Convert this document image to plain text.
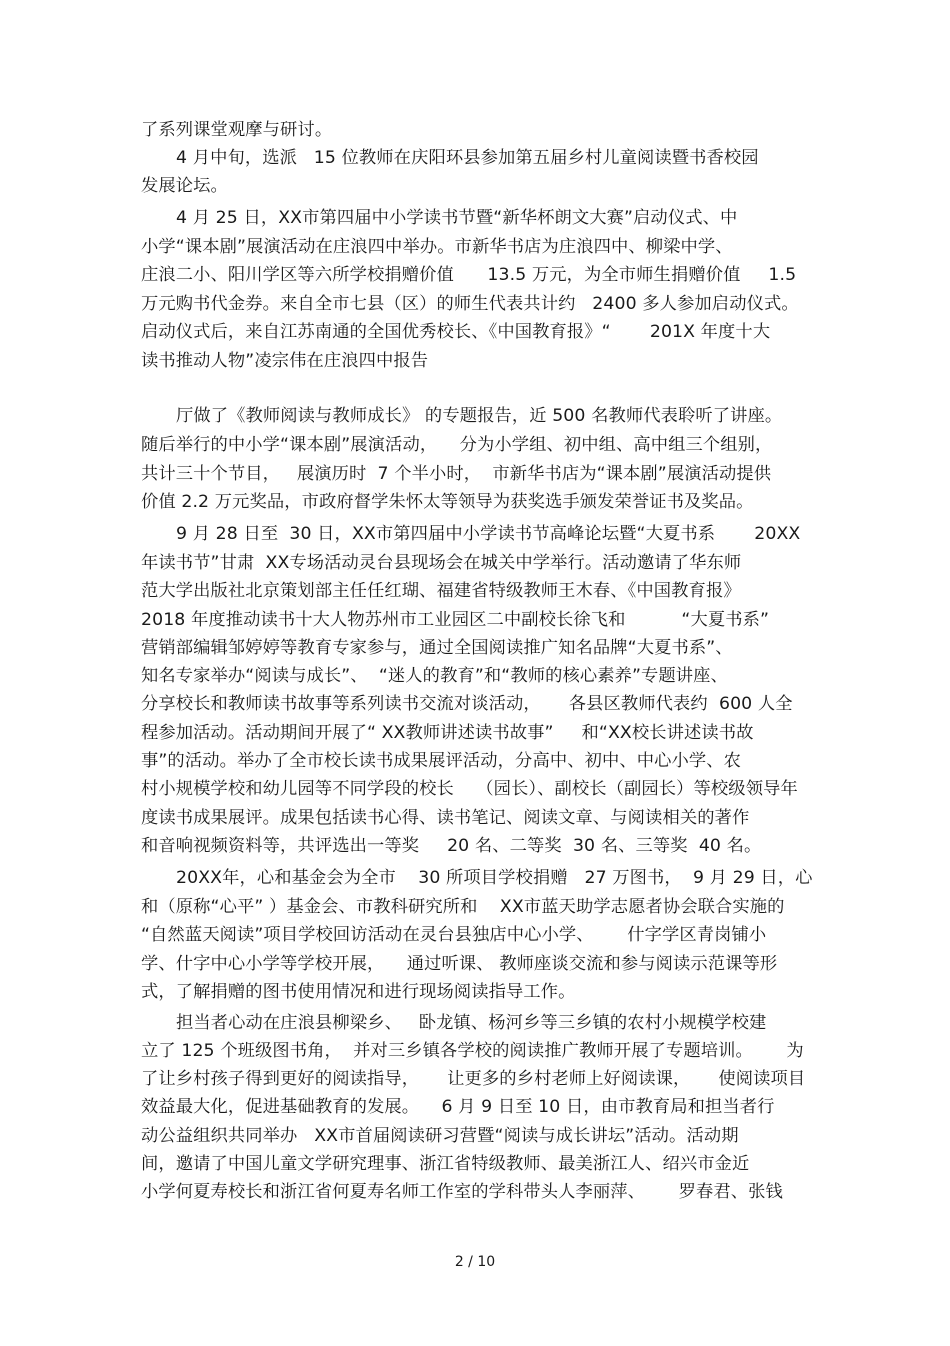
了系列课堂观摩与研讨。
4 月中旬，选派   15 位教师在庆阳环县参加第五届乡村儿童阅读暨书香校园
发展论坛。
4 月 25 日，XX市第四届中小学读书节暨“新华杯朗文大赛”启动仪式、中
小学“课本剧”展演活动在庄浪四中举办。市新华书店为庄浪四中、柳梁中学、
庄浪二小、阳川学区等六所学校捐赠价值      13.5 万元，为全市师生捐赠价值     1.5
万元购书代金券。来自全市七县（区）的师生代表共计约   2400 多人参加启动仪式。
启动仪式后，来自江苏南通的全国优秀校长、《中国教育报》“       201X 年度十大
读书推动人物”凌宗伟在庄浪四中报告
厅做了《教师阅读与教师成长》 的专题报告，近 500 名教师代表聆听了讲座。
随后举行的中小学“课本剧”展演活动，    分为小学组、初中组、高中组三个组别，
共计三十个节目，   展演历时  7 个半小时，  市新华书店为“课本剧”展演活动提供
价值 2.2 万元奖品，市政府督学朱怀太等领导为获奖选手颁发荣誉证书及奖品。
9 月 28 日至  30 日，XX市第四届中小学读书节高峰论坛暨“大夏书系       20XX
年读书节”甘肃  XX专场活动灵台县现场会在城关中学举行。活动邀请了华东师
范大学出版社北京策划部主任任红瑚、福建省特级教师王木春、《中国教育报》
2018 年度推动读书十大人物苏州市工业园区二中副校长徐飞和          “大夏书系”
营销部编辑邹婷婷等教育专家参与，通过全国阅读推广知名品牌“大夏书系”、
知名专家举办“阅读与成长”、  “迷人的教育”和“教师的核心素养”专题讲座、
分享校长和教师读书故事等系列读书交流对谈活动，     各县区教师代表约  600 人全
程参加活动。活动期间开展了“ XX教师讲述读书故事”     和“XX校长讲述读书故
事”的活动。举办了全市校长读书成果展评活动，分高中、初中、中心小学、农
村小规模学校和幼儿园等不同学段的校长    （园长）、副校长（副园长）等校级领导年
度读书成果展评。成果包括读书心得、读书笔记、阅读文章、与阅读相关的著作
和音响视频资料等，共评选出一等奖     20 名、二等奖  30 名、三等奖  40 名。
20XX年，心和基金会为全市    30 所项目学校捐赠   27 万图书，  9 月 29 日，心
和（原称“心平” ）基金会、市教科研究所和    XX市蓝天助学志愿者协会联合实施的
“自然蓝天阅读”项目学校回访活动在灵台县独店中心小学、      什字学区青岗铺小
学、什字中心小学等学校开展，    通过听课、 教师座谈交流和参与阅读示范课等形
式，了解捐赠的图书使用情况和进行现场阅读指导工作。
担当者心动在庄浪县柳梁乡、   卧龙镇、杨河乡等三乡镇的农村小规模学校建
立了 125 个班级图书角，  并对三乡镇各学校的阅读推广教师开展了专题培训。      为
了让乡村孩子得到更好的阅读指导，     让更多的乡村老师上好阅读课，     使阅读项目
效益最大化，促进基础教育的发展。    6 月 9 日至 10 日，由市教育局和担当者行
动公益组织共同举办   XX市首届阅读研习营暨“阅读与成长讲坛”活动。活动期
间，邀请了中国儿童文学研究理事、浙江省特级教师、最美浙江人、绍兴市金近
小学何夏寿校长和浙江省何夏寿名师工作室的学科带头人李丽萍、      罗春君、张钱
2 / 10
